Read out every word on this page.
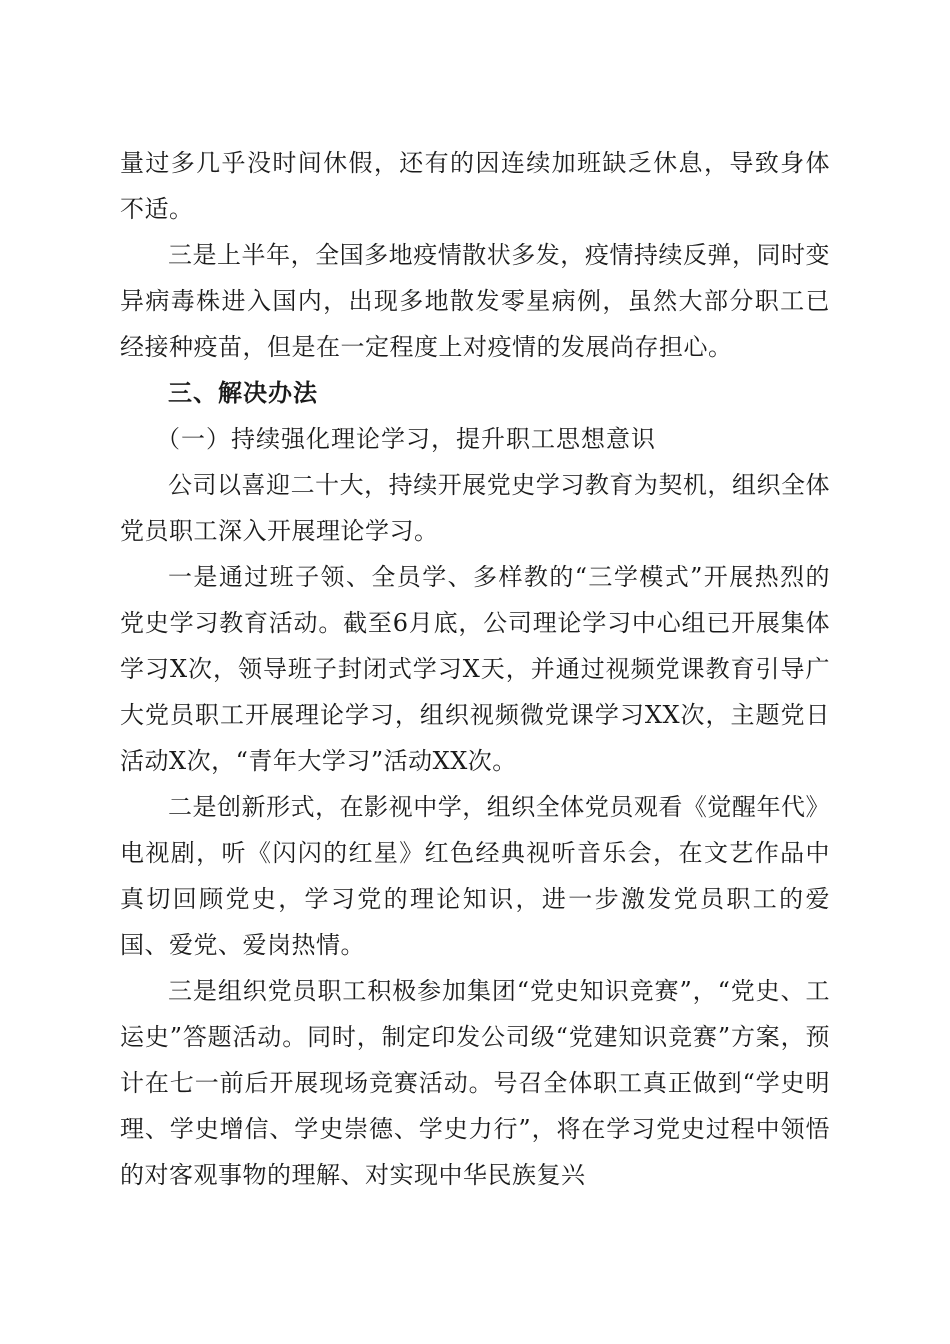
量过多几乎没时间休假，还有的因连续加班缺乏休息，导致身体不适。

三是上半年，全国多地疫情散状多发，疫情持续反弹，同时变异病毒株进入国内，出现多地散发零星病例，虽然大部分职工已经接种疫苗，但是在一定程度上对疫情的发展尚存担心。

三、解决办法

（一）持续强化理论学习，提升职工思想意识

公司以喜迎二十大，持续开展党史学习教育为契机，组织全体党员职工深入开展理论学习。

一是通过班子领、全员学、多样教的“三学模式”开展热烈的党史学习教育活动。截至6月底，公司理论学习中心组已开展集体学习X次，领导班子封闭式学习X天，并通过视频党课教育引导广大党员职工开展理论学习，组织视频微党课学习XX次，主题党日活动X次，“青年大学习”活动XX次。

二是创新形式，在影视中学，组织全体党员观看《觉醒年代》电视剧，听《闪闪的红星》红色经典视听音乐会，在文艺作品中真切回顾党史，学习党的理论知识，进一步激发党员职工的爱国、爱党、爱岗热情。

三是组织党员职工积极参加集团“党史知识竞赛”，“党史、工运史”答题活动。同时，制定印发公司级“党建知识竞赛”方案，预计在七一前后开展现场竞赛活动。号召全体职工真正做到“学史明理、学史增信、学史崇德、学史力行”，将在学习党史过程中领悟的对客观事物的理解、对实现中华民族复兴
